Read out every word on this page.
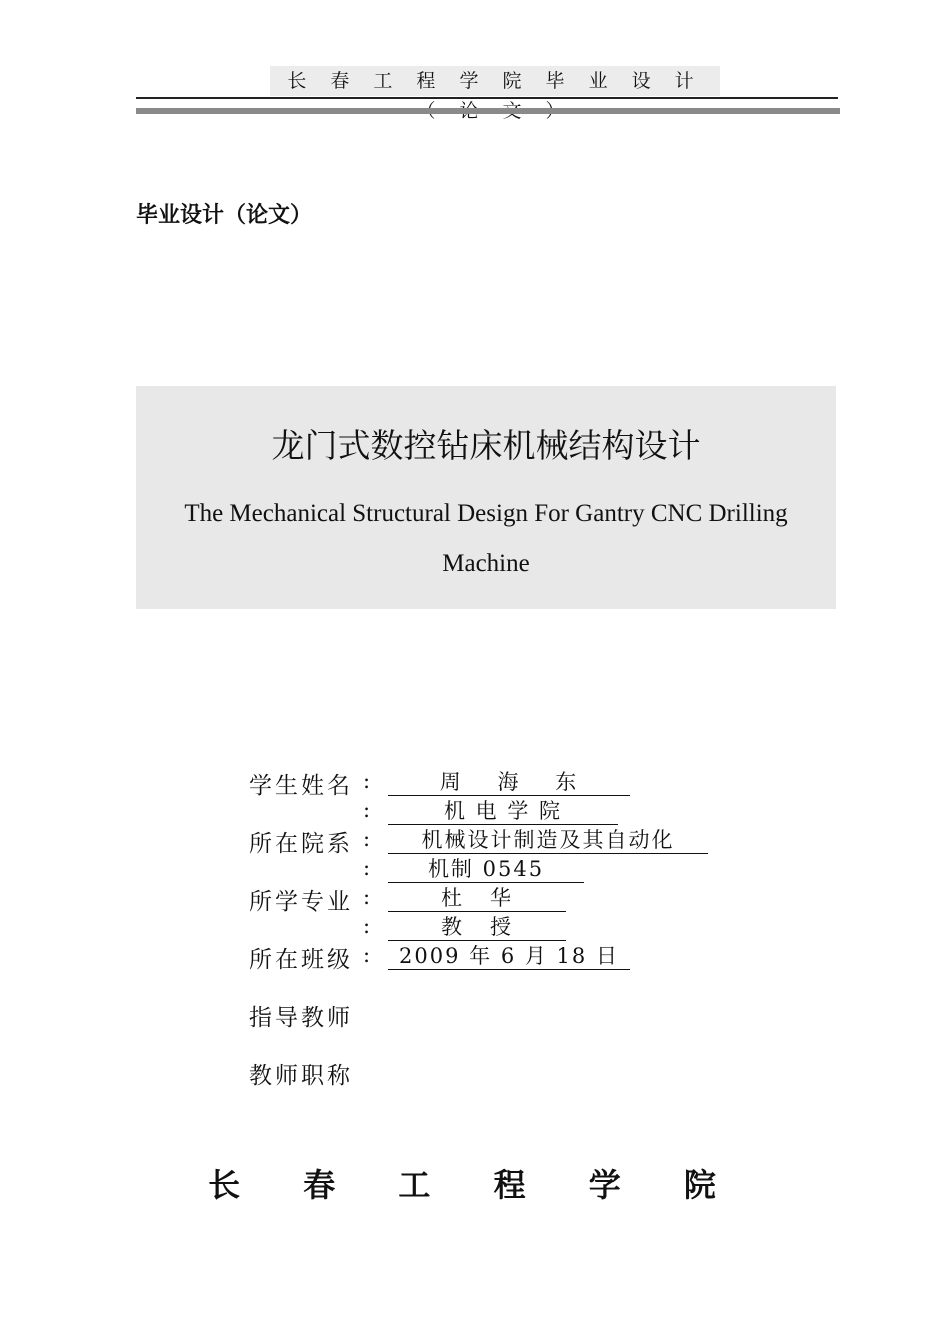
长 春 工 程 学 院 毕 业 设 计
毕业设计（论文）
龙门式数控钻床机械结构设计
The Mechanical Structural Design For Gantry CNC Drilling Machine
学生姓名
所在院系
所学专业
所在班级
指导教师
教师职称
:
:
:
:
:
:
:
周    海    东
机 电 学 院
机械设计制造及其自动化
机制 0545
杜   华
教   授
2009 年 6 月 18 日
长 春 工 程 学 院
